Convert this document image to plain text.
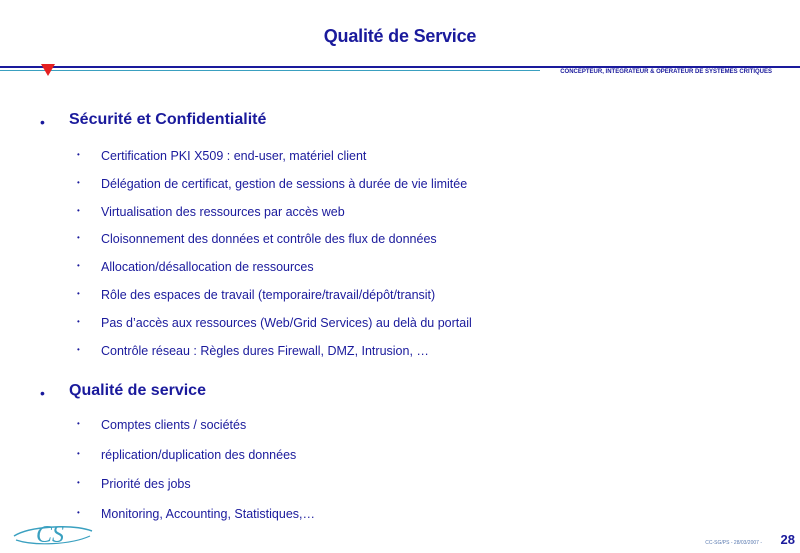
Qualité de Service
CONCEPTEUR, INTEGRATEUR & OPERATEUR DE SYSTEMES CRITIQUES
• Sécurité et Confidentialité
• Certification PKI X509 : end-user, matériel client
• Délégation de certificat, gestion de sessions à durée de vie limitée
• Virtualisation des ressources par accès web
• Cloisonnement des données et contrôle des flux de données
• Allocation/désallocation de ressources
• Rôle des espaces de travail (temporaire/travail/dépôt/transit)
• Pas d’accès aux ressources (Web/Grid Services) au delà du portail
• Contrôle réseau : Règles dures Firewall, DMZ, Intrusion, …
• Qualité de service
• Comptes clients / sociétés
• réplication/duplication des données
• Priorité des jobs
• Monitoring, Accounting, Statistiques,…
CS	CC-SG/PS - 28/03/2007 - 28
